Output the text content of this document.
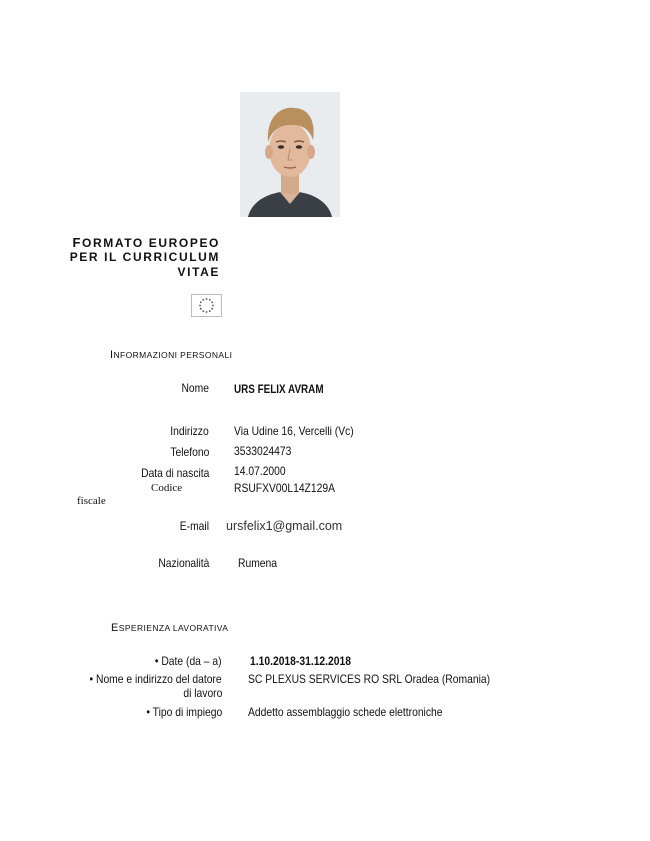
FORMATO EUROPEO
PER IL CURRICULUM
VITAE
INFORMAZIONI PERSONALI
Nome URS FELIX AVRAM
Indirizzo Via Udine 16, Vercelli (Vc)
Telefono 3533024473
Data di nascita 14.07.2000
Codice
fiscale
RSUFXV00L14Z129A
E-mail ursfelix1@gmail.com
Nazionalità Rumena
ESPERIENZA LAVORATIVA
• Date (da – a) 1.10.2018-31.12.2018
• Nome e indirizzo del datore
di lavoro
SC PLEXUS SERVICES RO SRL Oradea (Romania)
• Tipo di impiego Addetto assemblaggio schede elettroniche
